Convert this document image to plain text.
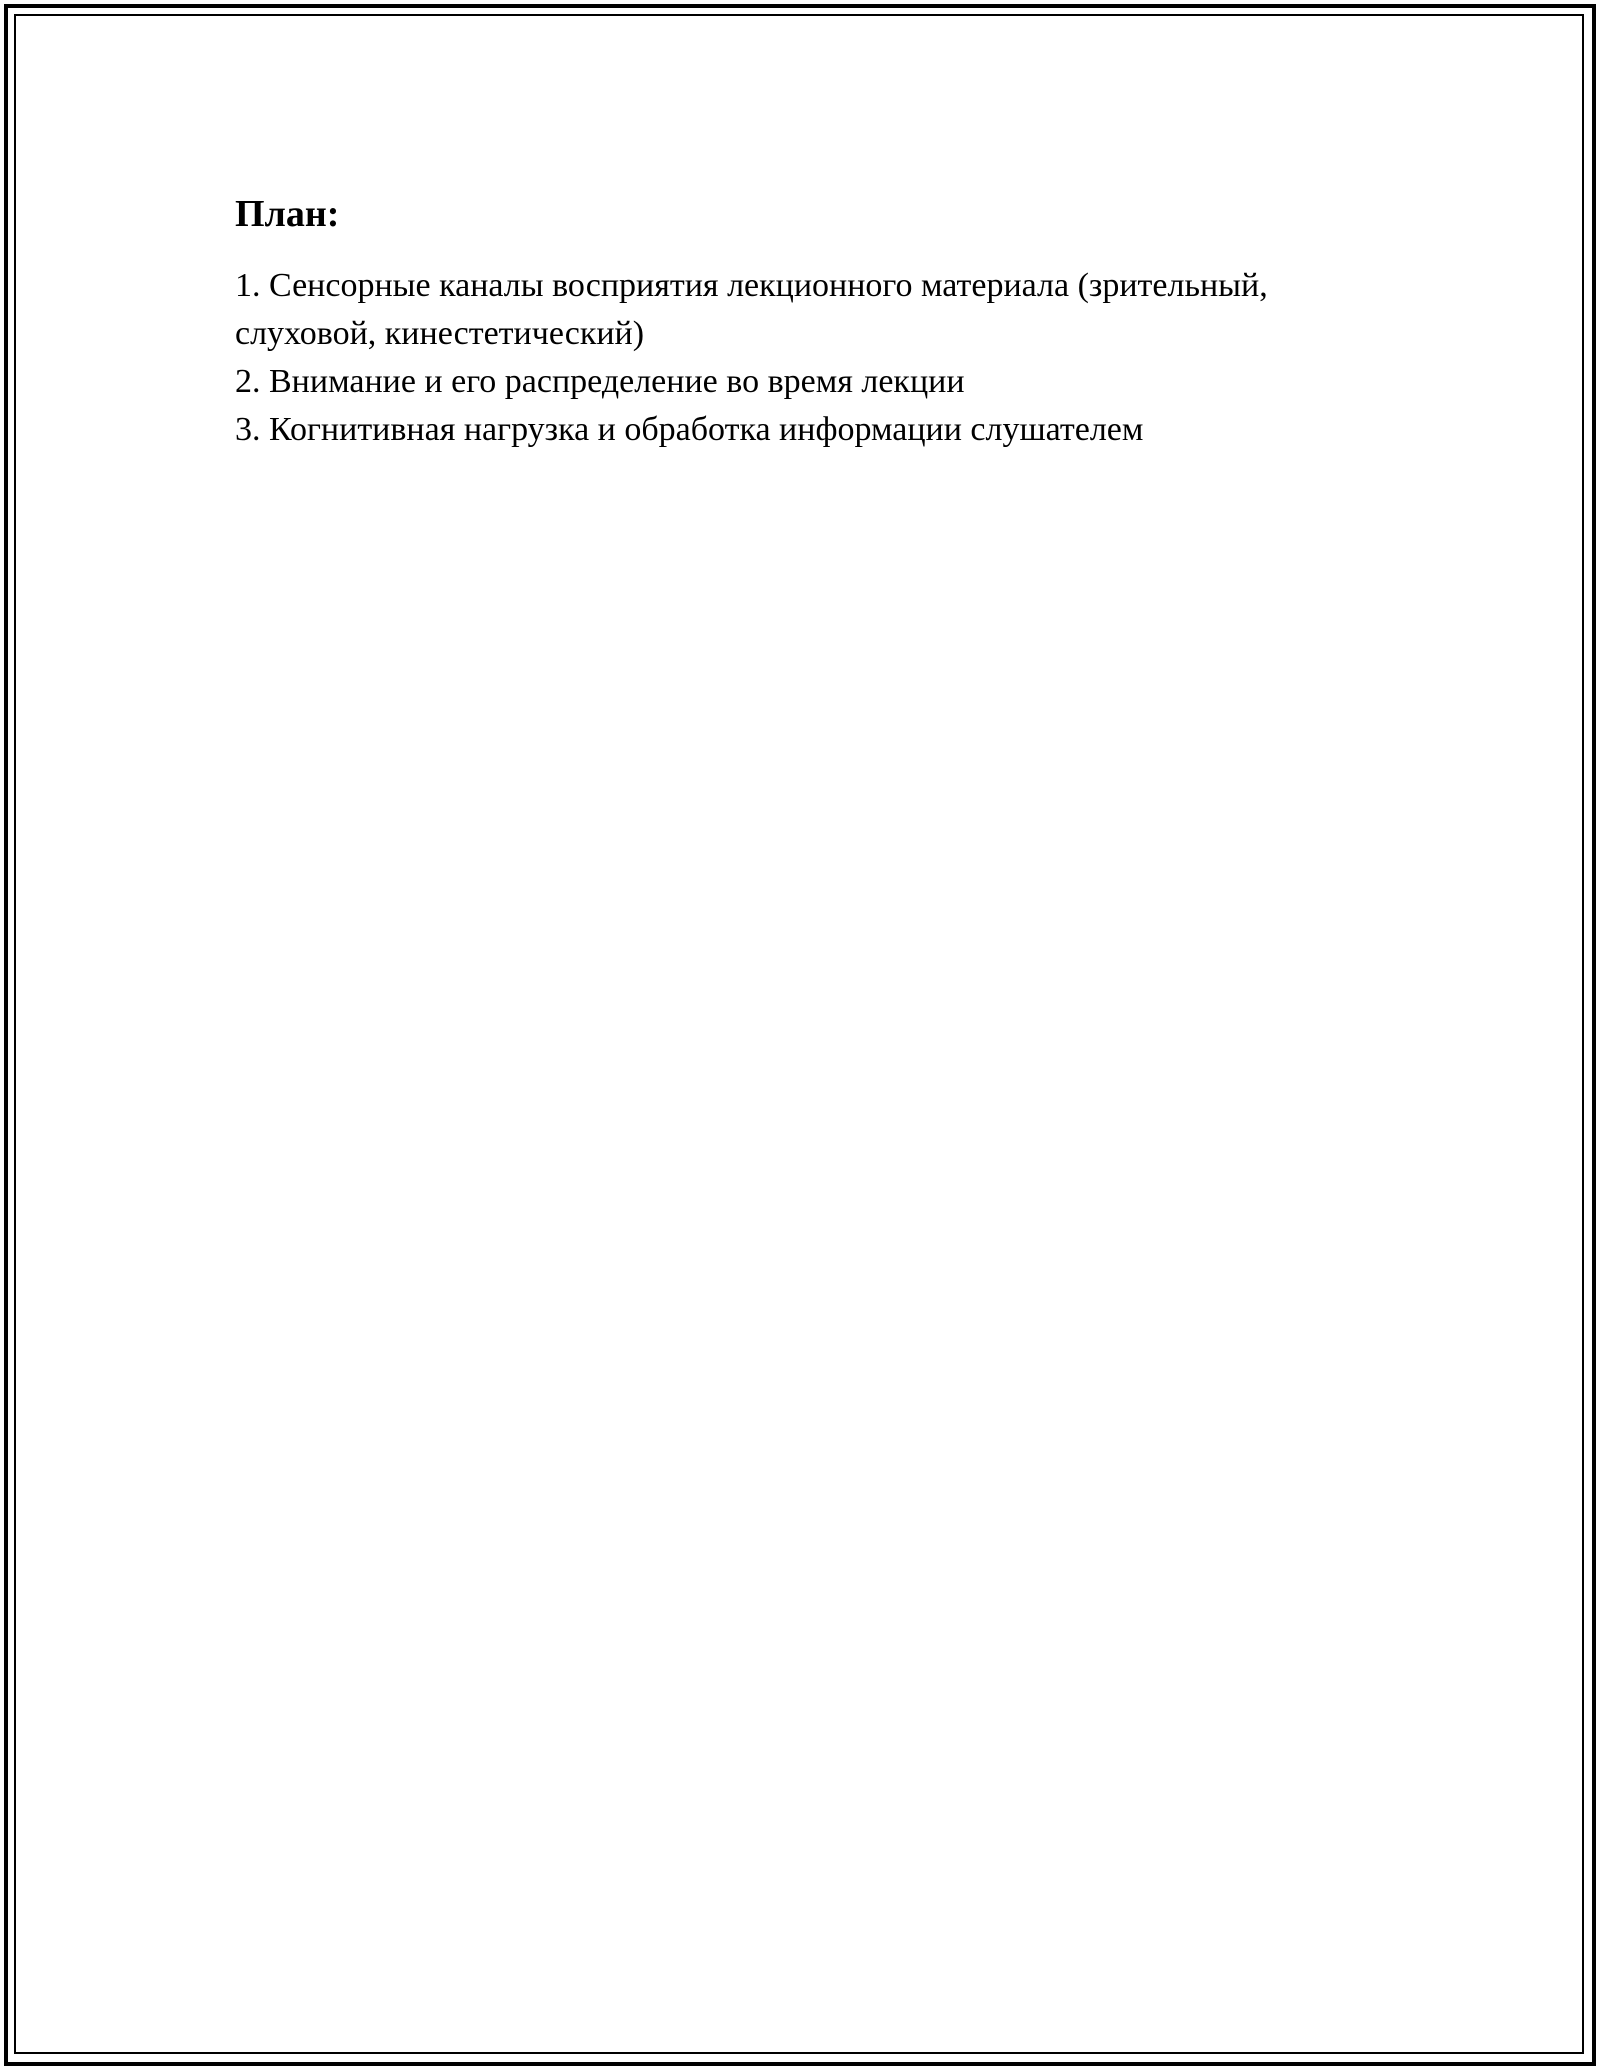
План:
1. Сенсорные каналы восприятия лекционного материала (зрительный, слуховой, кинестетический)
2. Внимание и его распределение во время лекции
3. Когнитивная нагрузка и обработка информации слушателем
